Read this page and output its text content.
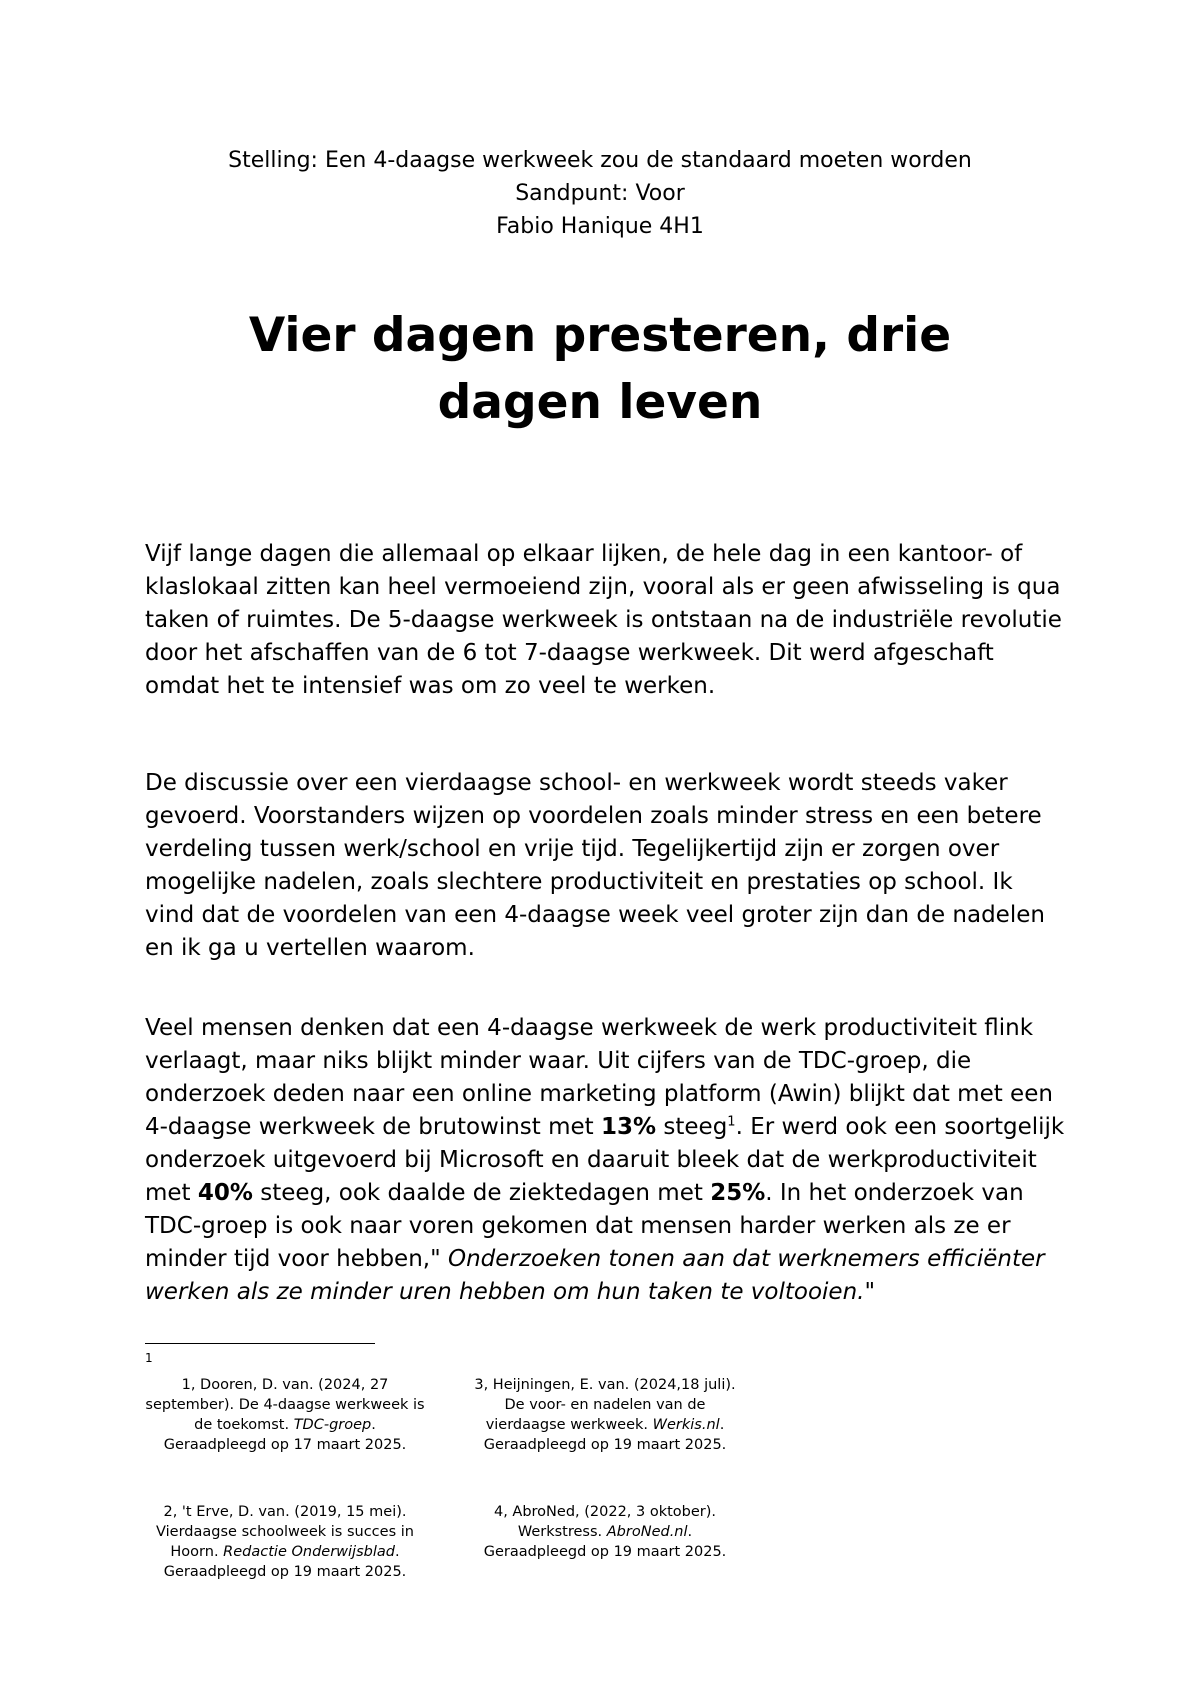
Stelling: Een 4-daagse werkweek zou de standaard moeten worden
Sandpunt: Voor
Fabio Hanique 4H1
Vier dagen presteren, drie
dagen leven

Vijf lange dagen die allemaal op elkaar lijken, de hele dag in een kantoor- of klaslokaal zitten kan heel vermoeiend zijn, vooral als er geen afwisseling is qua taken of ruimtes. De 5-daagse werkweek is ontstaan na de industriële revolutie door het afschaffen van de 6 tot 7-daagse werkweek. Dit werd afgeschaft omdat het te intensief was om zo veel te werken.

De discussie over een vierdaagse school- en werkweek wordt steeds vaker gevoerd. Voorstanders wijzen op voordelen zoals minder stress en een betere verdeling tussen werk/school en vrije tijd. Tegelijkertijd zijn er zorgen over mogelijke nadelen, zoals slechtere productiviteit en prestaties op school. Ik vind dat de voordelen van een 4-daagse week veel groter zijn dan de nadelen en ik ga u vertellen waarom.

Veel mensen denken dat een 4-daagse werkweek de werk productiviteit flink verlaagt, maar niks blijkt minder waar. Uit cijfers van de TDC-groep, die onderzoek deden naar een online marketing platform (Awin) blijkt dat met een 4-daagse werkweek de brutowinst met 13% steeg$^1$. Er werd ook een soortgelijk onderzoek uitgevoerd bij Microsoft en daaruit bleek dat de werkproductiviteit met 40% steeg, ook daalde de ziektedagen met 25%. In het onderzoek van TDC-groep is ook naar voren gekomen dat mensen harder werken als ze er minder tijd voor hebben," Onderzoeken tonen aan dat werknemers efficiënter werken als ze minder uren hebben om hun taken te voltooien."

1
1, Dooren, D. van. (2024, 27 september). De 4-daagse werkweek is de toekomst. TDC-groep. Geraadpleegd op 17 maart 2025.
3, Heijningen, E. van. (2024,18 juli). De voor- en nadelen van de vierdaagse werkweek. Werkis.nl. Geraadpleegd op 19 maart 2025.
2, 't Erve, D. van. (2019, 15 mei). Vierdaagse schoolweek is succes in Hoorn. Redactie Onderwijsblad. Geraadpleegd op 19 maart 2025.
4, AbroNed, (2022, 3 oktober). Werkstress. AbroNed.nl. Geraadpleegd op 19 maart 2025.
